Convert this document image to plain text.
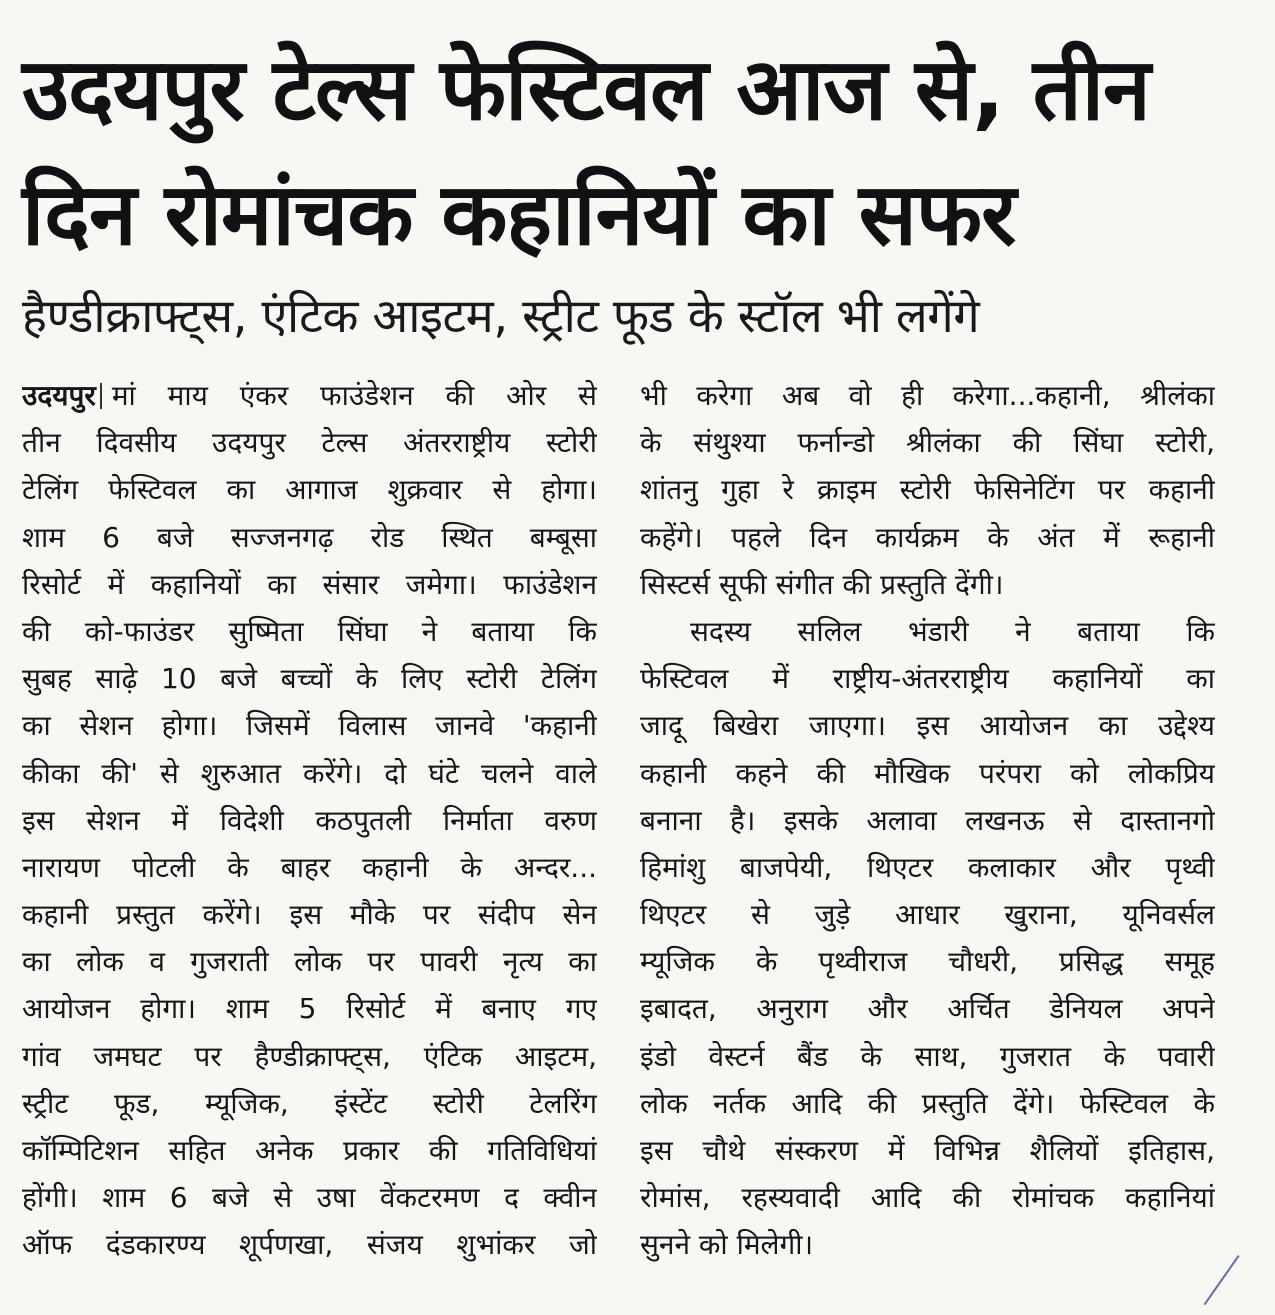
उदयपुर टेल्स फेस्टिवल आज से, तीन
दिन रोमांचक कहानियों का सफर
हैण्डीक्राफ्ट्स, एंटिक आइटम, स्ट्रीट फूड के स्टॉल भी लगेंगे
उदयपुर मां माय एंकर फाउंडेशन की ओर से
तीन दिवसीय उदयपुर टेल्स अंतरराष्ट्रीय स्टोरी
टेलिंग फेस्टिवल का आगाज शुक्रवार से होगा।
शाम 6 बजे सज्जनगढ़ रोड स्थित बम्बूसा
रिसोर्ट में कहानियों का संसार जमेगा। फाउंडेशन
की को-फाउंडर सुष्मिता सिंघा ने बताया कि
सुबह साढ़े 10 बजे बच्चों के लिए स्टोरी टेलिंग
का सेशन होगा। जिसमें विलास जानवे 'कहानी
कीका की' से शुरुआत करेंगे। दो घंटे चलने वाले
इस सेशन में विदेशी कठपुतली निर्माता वरुण
नारायण पोटली के बाहर कहानी के अन्दर...
कहानी प्रस्तुत करेंगे। इस मौके पर संदीप सेन
का लोक व गुजराती लोक पर पावरी नृत्य का
आयोजन होगा। शाम 5 रिसोर्ट में बनाए गए
गांव जमघट पर हैण्डीक्राफ्ट्स, एंटिक आइटम,
स्ट्रीट फूड, म्यूजिक, इंस्टेंट स्टोरी टेलरिंग
कॉम्पिटिशन सहित अनेक प्रकार की गतिविधियां
होंगी। शाम 6 बजे से उषा वेंकटरमण द क्वीन
ऑफ दंडकारण्य शूर्पणखा, संजय शुभांकर जो
भी करेगा अब वो ही करेगा...कहानी, श्रीलंका
के संथुश्या फर्नान्डो श्रीलंका की सिंघा स्टोरी,
शांतनु गुहा रे क्राइम स्टोरी फेसिनेटिंग पर कहानी
कहेंगे। पहले दिन कार्यक्रम के अंत में रूहानी
सिस्टर्स सूफी संगीत की प्रस्तुति देंगी।
सदस्य सलिल भंडारी ने बताया कि
फेस्टिवल में राष्ट्रीय-अंतरराष्ट्रीय कहानियों का
जादू बिखेरा जाएगा। इस आयोजन का उद्देश्य
कहानी कहने की मौखिक परंपरा को लोकप्रिय
बनाना है। इसके अलावा लखनऊ से दास्तानगो
हिमांशु बाजपेयी, थिएटर कलाकार और पृथ्वी
थिएटर से जुड़े आधार खुराना, यूनिवर्सल
म्यूजिक के पृथ्वीराज चौधरी, प्रसिद्ध समूह
इबादत, अनुराग और अर्चित डेनियल अपने
इंडो वेस्टर्न बैंड के साथ, गुजरात के पवारी
लोक नर्तक आदि की प्रस्तुति देंगे। फेस्टिवल के
इस चौथे संस्करण में विभिन्न शैलियों इतिहास,
रोमांस, रहस्यवादी आदि की रोमांचक कहानियां
सुनने को मिलेगी।
